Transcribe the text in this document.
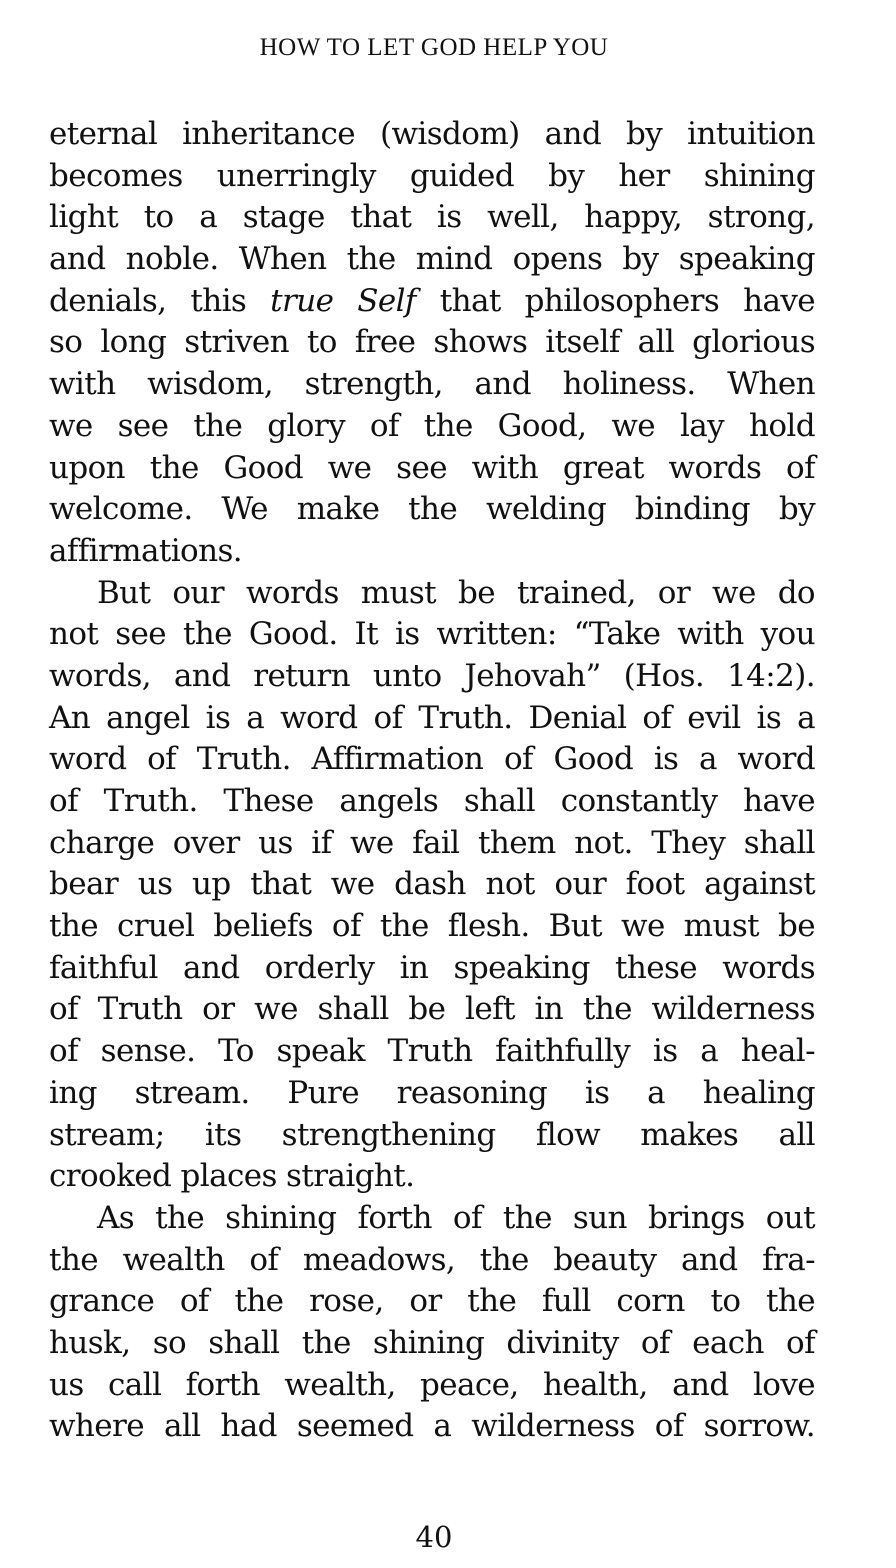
HOW TO LET GOD HELP YOU
eternal inheritance (wisdom) and by intuition
becomes unerringly guided by her shining
light to a stage that is well, happy, strong,
and noble. When the mind opens by speaking
denials, this true Self that philosophers have
so long striven to free shows itself all glorious
with wisdom, strength, and holiness. When
we see the glory of the Good, we lay hold
upon the Good we see with great words of
welcome. We make the welding binding by
affirmations.
But our words must be trained, or we do
not see the Good. It is written: “Take with you
words, and return unto Jehovah” (Hos. 14:2).
An angel is a word of Truth. Denial of evil is a
word of Truth. Affirmation of Good is a word
of Truth. These angels shall constantly have
charge over us if we fail them not. They shall
bear us up that we dash not our foot against
the cruel beliefs of the flesh. But we must be
faithful and orderly in speaking these words
of Truth or we shall be left in the wilderness
of sense. To speak Truth faithfully is a heal-
ing stream. Pure reasoning is a healing
stream; its strengthening flow makes all
crooked places straight.
As the shining forth of the sun brings out
the wealth of meadows, the beauty and fra-
grance of the rose, or the full corn to the
husk, so shall the shining divinity of each of
us call forth wealth, peace, health, and love
where all had seemed a wilderness of sorrow.
40
